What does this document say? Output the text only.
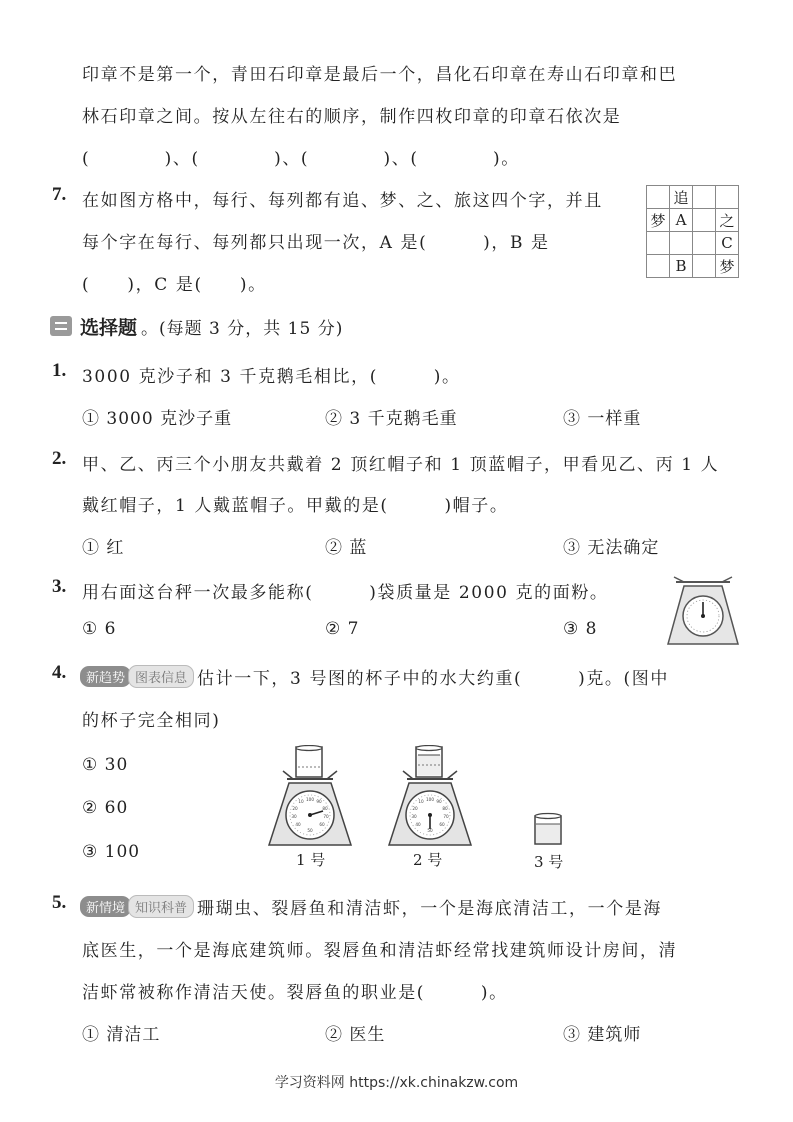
印章不是第一个，青田石印章是最后一个，昌化石印章在寿山石印章和巴
林石印章之间。按从左往右的顺序，制作四枚印章的印章石依次是
(　　　　)、(　　　　)、(　　　　)、(　　　　)。
7. 在如图方格中，每行、每列都有追、梦、之、旅这四个字，并且
每个字在每行、每列都只出现一次，A 是(　　　)，B 是
(　　)，C 是(　　)。
	追		
梦	A		之
			C
	B		梦
选择题 。(每题 3 分，共 15 分)
1. 3000 克沙子和 3 千克鹅毛相比，(　　　)。
① 3000 克沙子重	② 3 千克鹅毛重	③ 一样重
2. 甲、乙、丙三个小朋友共戴着 2 顶红帽子和 1 顶蓝帽子，甲看见乙、丙 1 人
戴红帽子，1 人戴蓝帽子。甲戴的是(　　　)帽子。
① 红	② 蓝	③ 无法确定
3. 用右面这台秤一次最多能称(　　　)袋质量是 2000 克的面粉。
① 6	② 7	③ 8
4.	新趋势 图表信息 估计一下，3 号图的杯子中的水大约重(　　　)克。(图中
的杯子完全相同)
① 30
② 60
③ 100
100 90
80
70
60
50
40
30
20
10
1 号
100 90
80
70
60
50
40
30
20
10
2 号	3 号
5.	新情境 知识科普 珊瑚虫、裂唇鱼和清洁虾，一个是海底清洁工，一个是海
底医生，一个是海底建筑师。裂唇鱼和清洁虾经常找建筑师设计房间，清
洁虾常被称作清洁天使。裂唇鱼的职业是(　　　)。
① 清洁工	② 医生	③ 建筑师
学习资料网 https://xk.chinakzw.com
